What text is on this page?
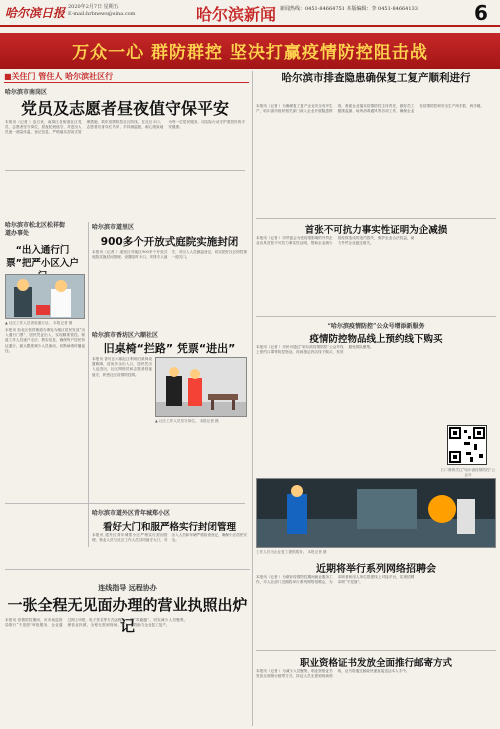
哈尔滨日报 2020年2月7日 星期五
E-mail:hrbnews@sina.com	哈尔滨新闻 新闻热线：0451-84664751 本版编辑：李 0451-84664133	6
万众一心 群防群控 坚决打赢疫情防控阻击战
■关住门 管住人 哈尔滨社区行
哈尔滨市南岗区
党员及志愿者昼夜值守保平安
本报讯（记者 ）连日来，南岗区各街道社区党员、志愿者坚守岗位，昼夜轮班值守，对进出人员逐一测量体温、登记信息，严格落实封闭式管理措施，筑牢疫情防控社区防线。在社区卡口，志愿者们身穿红马甲，手持测温枪，耐心细致地为每一位居民服务，用实际行动守护着居民的平安健康。
哈尔滨市松北区松祥街道办事处
“出入通行门票”把严小区入户
▲ 社区工作人员查验通行证。 本报记者 摄
本报讯 松北区松祥街道办事处为辖区居民发放“出入通行门票”，居民凭证出入，实现精准管控。街道工作人员逐户走访，核实信息，确保每户居民持证通行，最大限度减少人员流动，切断病毒传播途径。
哈尔滨市道里区
900多个开放式庭院实施封闭
本报讯（记者 ）道里区对辖区900多个开放式庭院实施封闭管理，设置临时卡口，安排专人值守，对出入人员测温登记，切实把好社区防控第一道关口。
哈尔滨市香坊区六顺社区
旧桌椅“拦路” 凭票“进出”
本报讯 香坊区六顺社区利用旧桌椅设置路障，封闭多余出入口，居民凭出入证进出，社区网格员和志愿者昼夜值守，织密社区疫情防控网。
▲ 社区工作人员坚守岗位。 本报记者 摄
哈尔滨市道外区青年城郑小区
看好大门和服严格实行封闭管理
本报讯 道外区青年城郑小区严格实行封闭管理，物业人员与社区工作人员共同值守大门，对出入人员和车辆严格检查登记，确保小区居民安全。
连线指导 远程协办
一张全程无见面办理的营业执照出炉记
本报讯 疫情防控期间，市市场监管局推行“不见面”审批服务，企业通过网上申报、电子签名等方式远程办理营业执照，全程无需到现场，实现“零跑腿”，切实减少人员聚集，有效助力企业复工复产。
哈尔滨市排查隐患确保复工复产顺利进行
本报讯（记者 ）为确保复工复产企业安全有序生产，哈尔滨市组织相关部门深入企业开展隐患排查，督促企业落实疫情防控主体责任，做好员工健康监测、场所消毒通风等各项工作，确保企业在疫情防控和安全生产两手抓、两手硬。
首张不可抗力事实性证明为企减损
本报讯（记者 ）市贸促会为受疫情影响的外贸企业出具首张不可抗力事实性证明，帮助企业减少因疫情造成的违约损失，维护企业合法权益，助力外贸企业渡过难关。
“哈尔滨疫情防控”公众号增添新服务
疫情防控物品线上预约线下购买
本报讯（记者 ）市民可通过“哈尔滨疫情防控”公众号线上预约口罩等防控物品，再到指定药店线下购买，有效避免排队聚集。
扫二维码关注“哈尔滨疫情防控”公众号
工作人员为企业复工提供服务。 本报记者 摄
近期将举行系列网络招聘会
本报讯（记者 ）为做好疫情防控期间就业服务工作，市人社部门近期将举行系列网络招聘会，为求职者和用人单位搭建线上对接平台，实现招聘求职“不见面”。
职业资格证书发放全面推行邮寄方式
本报讯（记者 ）为减少人员聚集，职业资格证书发放全面推行邮寄方式，持证人员无需到现场领取，证书将通过邮政快递直接送达本人手中。
